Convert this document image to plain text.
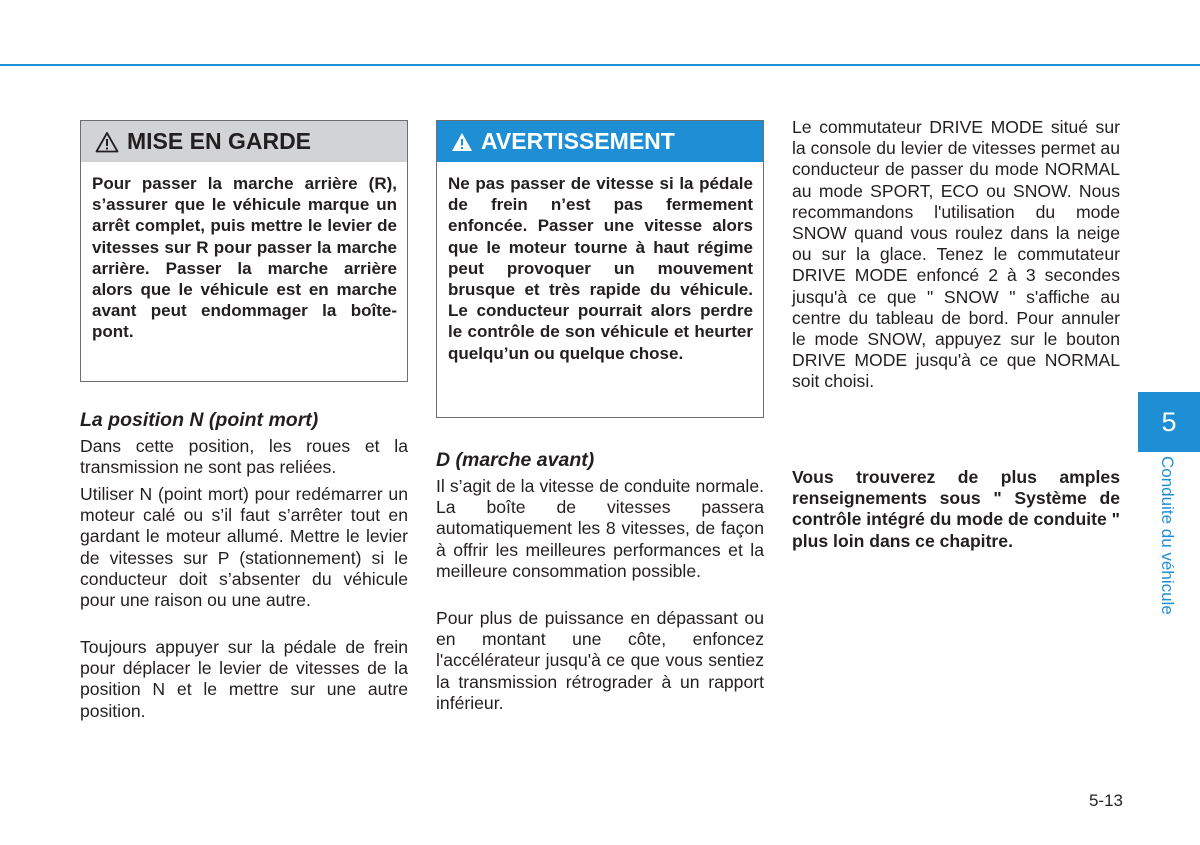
MISE EN GARDE
Pour passer la marche arrière (R), s’assurer que le véhicule marque un arrêt complet, puis mettre le levier de vitesses sur R pour passer la marche arrière. Passer la marche arrière alors que le véhicule est en marche avant peut endommager la boîte-pont.
La position N (point mort)
Dans cette position, les roues et la transmission ne sont pas reliées.
Utiliser N (point mort) pour redémarrer un moteur calé ou s’il faut s’arrêter tout en gardant le moteur allumé. Mettre le levier de vitesses sur P (stationnement) si le conducteur doit s’absenter du véhicule pour une raison ou une autre.
Toujours appuyer sur la pédale de frein pour déplacer le levier de vitesses de la position N et le mettre sur une autre position.
AVERTISSEMENT
Ne pas passer de vitesse si la pédale de frein n’est pas fermement enfoncée. Passer une vitesse alors que le moteur tourne à haut régime peut provoquer un mouvement brusque et très rapide du véhicule. Le conducteur pourrait alors perdre le contrôle de son véhicule et heurter quelqu’un ou quelque chose.
D (marche avant)
Il s’agit de la vitesse de conduite normale. La boîte de vitesses passera automatiquement les 8 vitesses, de façon à offrir les meilleures performances et la meilleure consommation possible.
Pour plus de puissance en dépassant ou en montant une côte, enfoncez l'accélérateur jusqu'à ce que vous sentiez la transmission rétrograder à un rapport inférieur.
Le commutateur DRIVE MODE situé sur la console du levier de vitesses permet au conducteur de passer du mode NORMAL au mode SPORT, ECO ou SNOW. Nous recommandons l'utilisation du mode SNOW quand vous roulez dans la neige ou sur la glace. Tenez le commutateur DRIVE MODE enfoncé 2 à 3 secondes jusqu'à ce que " SNOW " s'affiche au centre du tableau de bord. Pour annuler le mode SNOW, appuyez sur le bouton DRIVE MODE jusqu'à ce que NORMAL soit choisi.
Vous trouverez de plus amples renseignements sous " Système de contrôle intégré du mode de conduite " plus loin dans ce chapitre.
5
Conduite du véhicule
5-13
